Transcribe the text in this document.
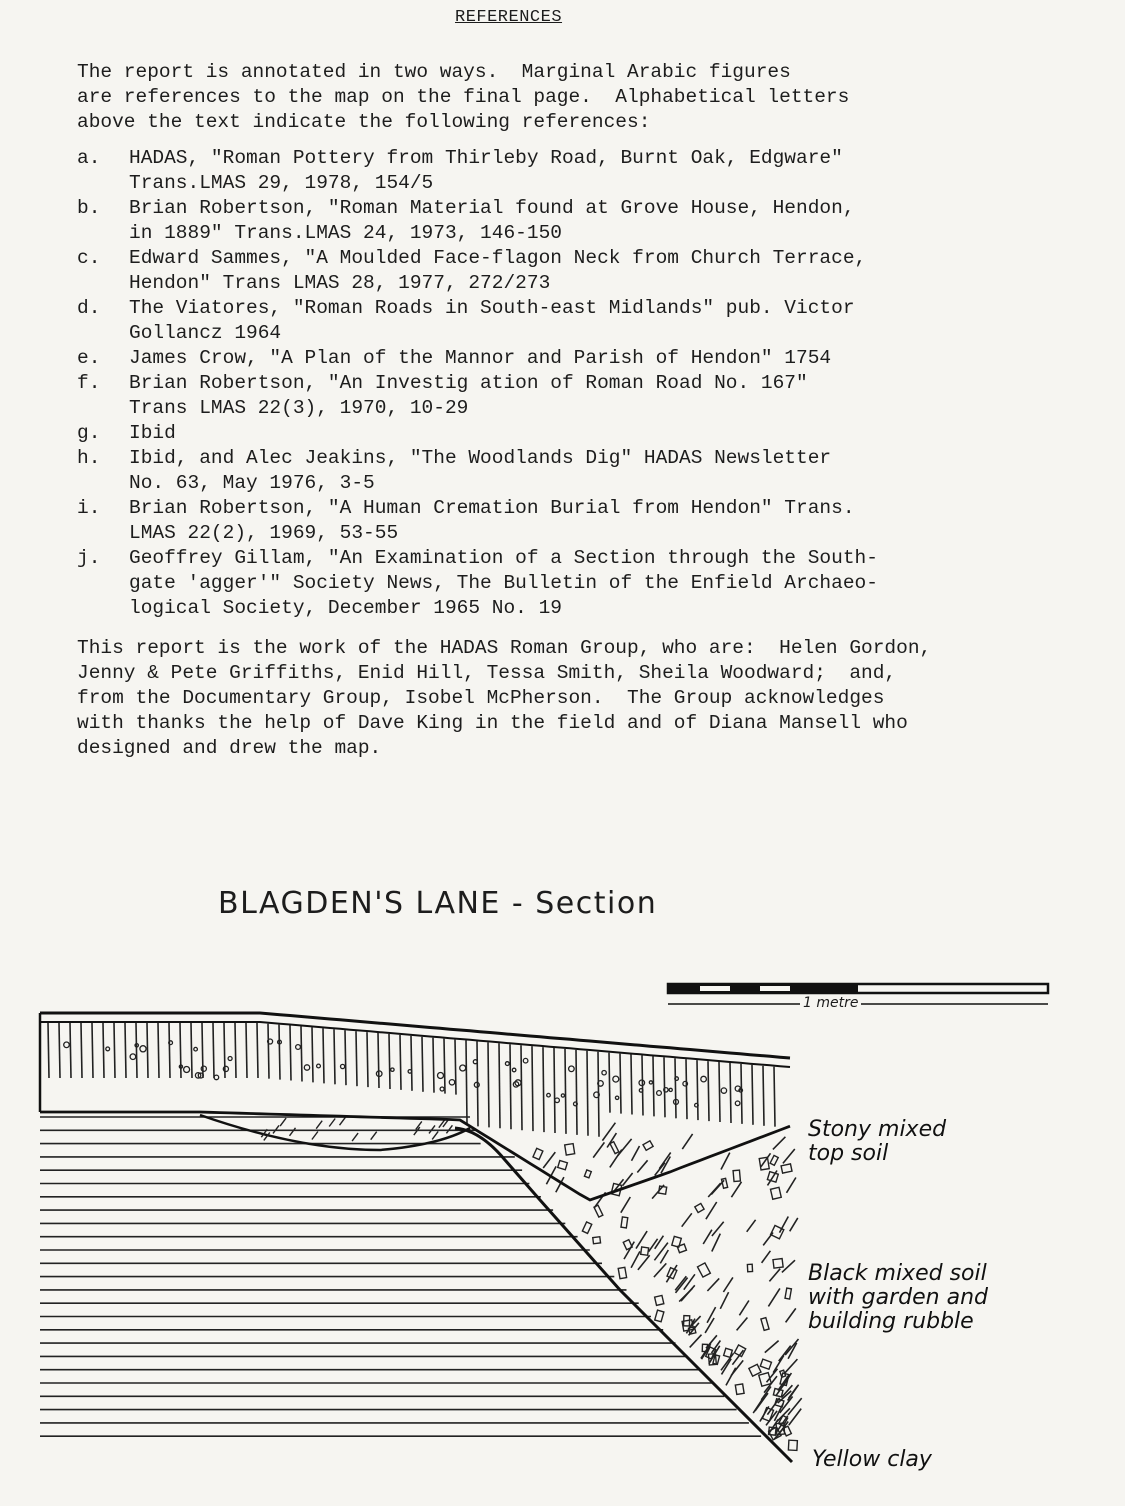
REFERENCES
The report is annotated in two ways.  Marginal Arabic figures
are references to the map on the final page.  Alphabetical letters
above the text indicate the following references:
a.	HADAS, "Roman Pottery from Thirleby Road, Burnt Oak, Edgware"
Trans.LMAS 29, 1978, 154/5
b.	Brian Robertson, "Roman Material found at Grove House, Hendon,
in 1889" Trans.LMAS 24, 1973, 146-150
c.	Edward Sammes, "A Moulded Face-flagon Neck from Church Terrace,
Hendon" Trans LMAS 28, 1977, 272/273
d.	The Viatores, "Roman Roads in South-east Midlands" pub. Victor
Gollancz 1964
e.	James Crow, "A Plan of the Mannor and Parish of Hendon" 1754
f.	Brian Robertson, "An Investig ation of Roman Road No. 167"
Trans LMAS 22(3), 1970, 10-29
g.	Ibid
h.	Ibid, and Alec Jeakins, "The Woodlands Dig" HADAS Newsletter
No. 63, May 1976, 3-5
i.	Brian Robertson, "A Human Cremation Burial from Hendon" Trans.
LMAS 22(2), 1969, 53-55
j.	Geoffrey Gillam, "An Examination of a Section through the South-
gate 'agger'" Society News, The Bulletin of the Enfield Archaeo-
logical Society, December 1965 No. 19
This report is the work of the HADAS Roman Group, who are:  Helen Gordon,
Jenny & Pete Griffiths, Enid Hill, Tessa Smith, Sheila Woodward;  and,
from the Documentary Group, Isobel McPherson.  The Group acknowledges
with thanks the help of Dave King in the field and of Diana Mansell who
designed and drew the map.
1 metre
BLAGDEN'S LANE - Section
Stony mixed
top soil
Black mixed soil
with garden and
building rubble
Yellow clay
